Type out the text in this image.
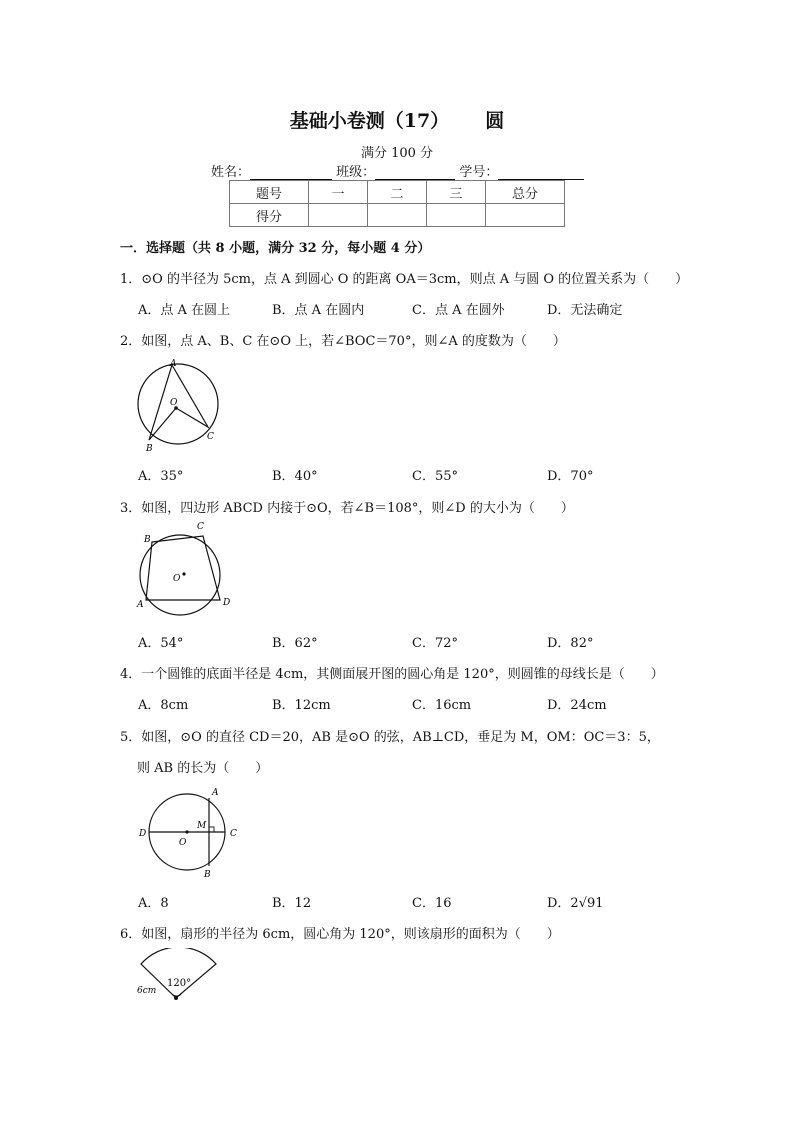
基础小卷测（17） 圆
满分 100 分
姓名：	班级：	学号：
题号	一	二	三	总分
得分				
一．选择题（共 8 小题，满分 32 分，每小题 4 分）
1．⊙O 的半径为 5cm，点 A 到圆心 O 的距离 OA＝3cm，则点 A 与圆 O 的位置关系为（　　）
A．点 A 在圆上	B．点 A 在圆内	C．点 A 在圆外	D．无法确定
2．如图，点 A、B、C 在⊙O 上，若∠BOC＝70°，则∠A 的度数为（　　）
A
O
B
C
A．35°	B．40°	C．55°	D．70°
3．如图，四边形 ABCD 内接于⊙O，若∠B＝108°，则∠D 的大小为（　　）
B
C
O
A	D
A．54°	B．62°	C．72°	D．82°
4．一个圆锥的底面半径是 4cm，其侧面展开图的圆心角是 120°，则圆锥的母线长是（　　）
A．8cm	B．12cm	C．16cm	D．24cm
5．如图，⊙O 的直径 CD＝20，AB 是⊙O 的弦，AB⊥CD，垂足为 M，OM：OC＝3：5，
则 AB 的长为（　　）
A
D
M
C
O
B
A．8	B．12	C．16	D．2√91
6．如图，扇形的半径为 6cm，圆心角为 120°，则该扇形的面积为（　　）
120°
6cm
